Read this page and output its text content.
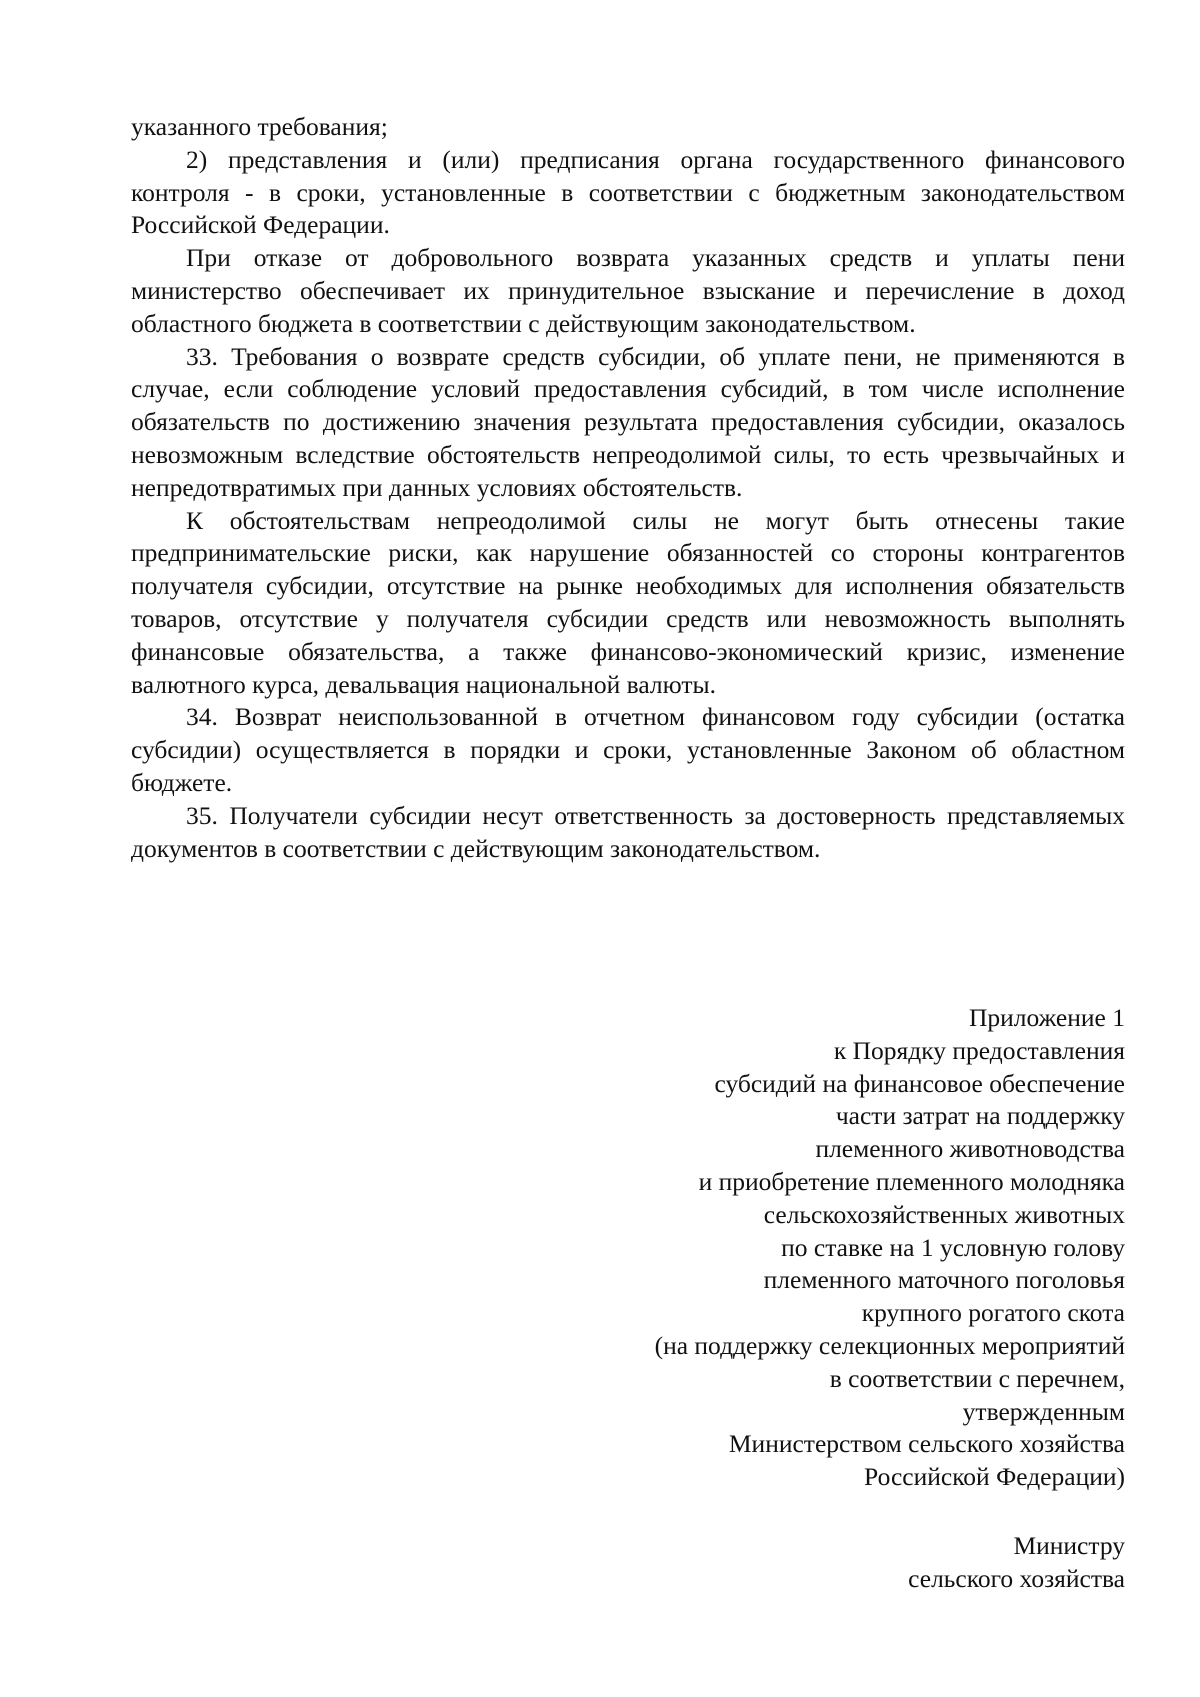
указанного требования;

2) представления и (или) предписания органа государственного финансового контроля - в сроки, установленные в соответствии с бюджетным законодательством Российской Федерации.

При отказе от добровольного возврата указанных средств и уплаты пени министерство обеспечивает их принудительное взыскание и перечисление в доход областного бюджета в соответствии с действующим законодательством.

33. Требования о возврате средств субсидии, об уплате пени, не применяются в случае, если соблюдение условий предоставления субсидий, в том числе исполнение обязательств по достижению значения результата предоставления субсидии, оказалось невозможным вследствие обстоятельств непреодолимой силы, то есть чрезвычайных и непредотвратимых при данных условиях обстоятельств.

К обстоятельствам непреодолимой силы не могут быть отнесены такие предпринимательские риски, как нарушение обязанностей со стороны контрагентов получателя субсидии, отсутствие на рынке необходимых для исполнения обязательств товаров, отсутствие у получателя субсидии средств или невозможность выполнять финансовые обязательства, а также финансово-экономический кризис, изменение валютного курса, девальвация национальной валюты.

34. Возврат неиспользованной в отчетном финансовом году субсидии (остатка субсидии) осуществляется в порядки и сроки, установленные Законом об областном бюджете.

35. Получатели субсидии несут ответственность за достоверность представляемых документов в соответствии с действующим законодательством.

Приложение 1
к Порядку предоставления
субсидий на финансовое обеспечение
части затрат на поддержку
племенного животноводства
и приобретение племенного молодняка
сельскохозяйственных животных
по ставке на 1 условную голову
племенного маточного поголовья
крупного рогатого скота
(на поддержку селекционных мероприятий
в соответствии с перечнем,
утвержденным
Министерством сельского хозяйства
Российской Федерации)
Министру
сельского хозяйства
